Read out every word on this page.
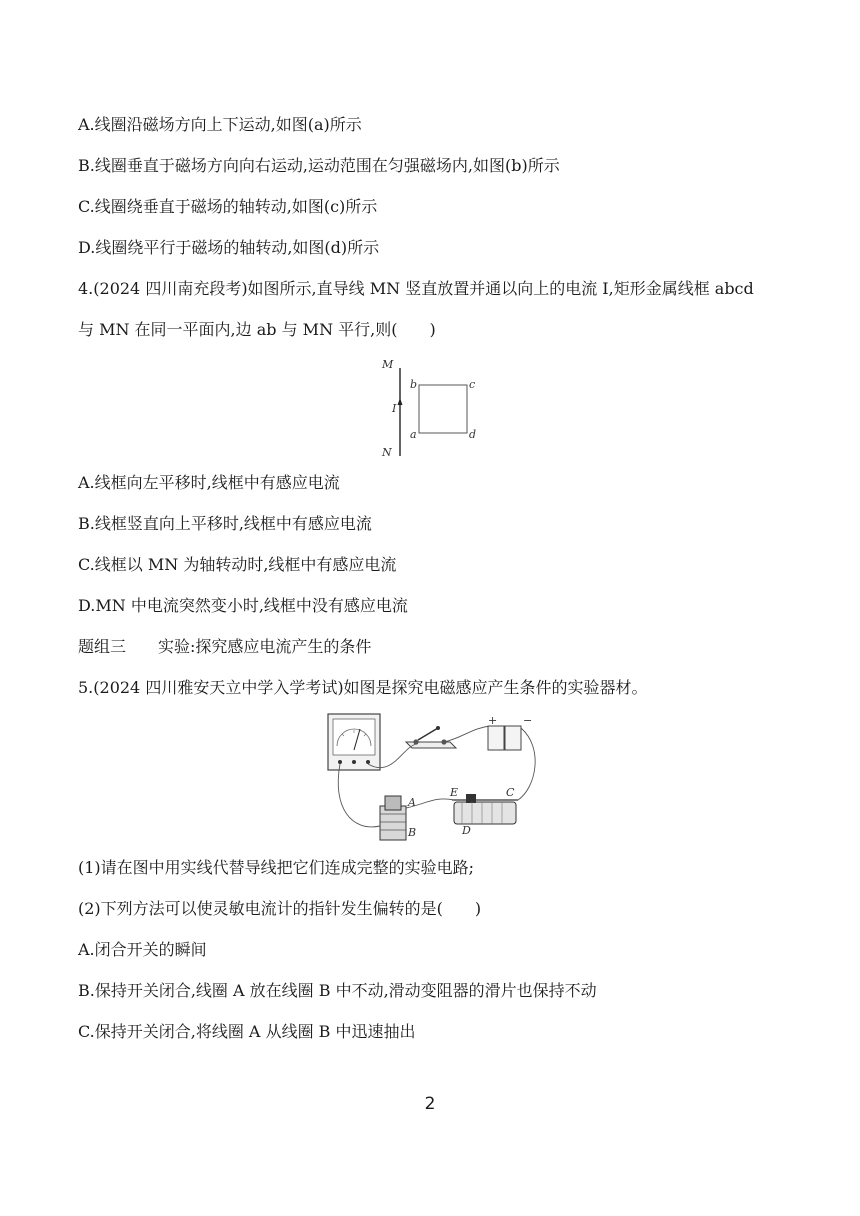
A.线圈沿磁场方向上下运动,如图(a)所示
B.线圈垂直于磁场方向向右运动,运动范围在匀强磁场内,如图(b)所示
C.线圈绕垂直于磁场的轴转动,如图(c)所示
D.线圈绕平行于磁场的轴转动,如图(d)所示
4.(2024 四川南充段考)如图所示,直导线 MN 竖直放置并通以向上的电流 I,矩形金属线框 abcd
与 MN 在同一平面内,边 ab 与 MN 平行,则(　　)
M
N
I
b	c
a	d
A.线框向左平移时,线框中有感应电流
B.线框竖直向上平移时,线框中有感应电流
C.线框以 MN 为轴转动时,线框中有感应电流
D.MN 中电流突然变小时,线框中没有感应电流
题组三　　实验:探究感应电流产生的条件
5.(2024 四川雅安天立中学入学考试)如图是探究电磁感应产生条件的实验器材。
+ −
A
B
E	C
D
(1)请在图中用实线代替导线把它们连成完整的实验电路;
(2)下列方法可以使灵敏电流计的指针发生偏转的是(　　)
A.闭合开关的瞬间
B.保持开关闭合,线圈 A 放在线圈 B 中不动,滑动变阻器的滑片也保持不动
C.保持开关闭合,将线圈 A 从线圈 B 中迅速抽出
2
